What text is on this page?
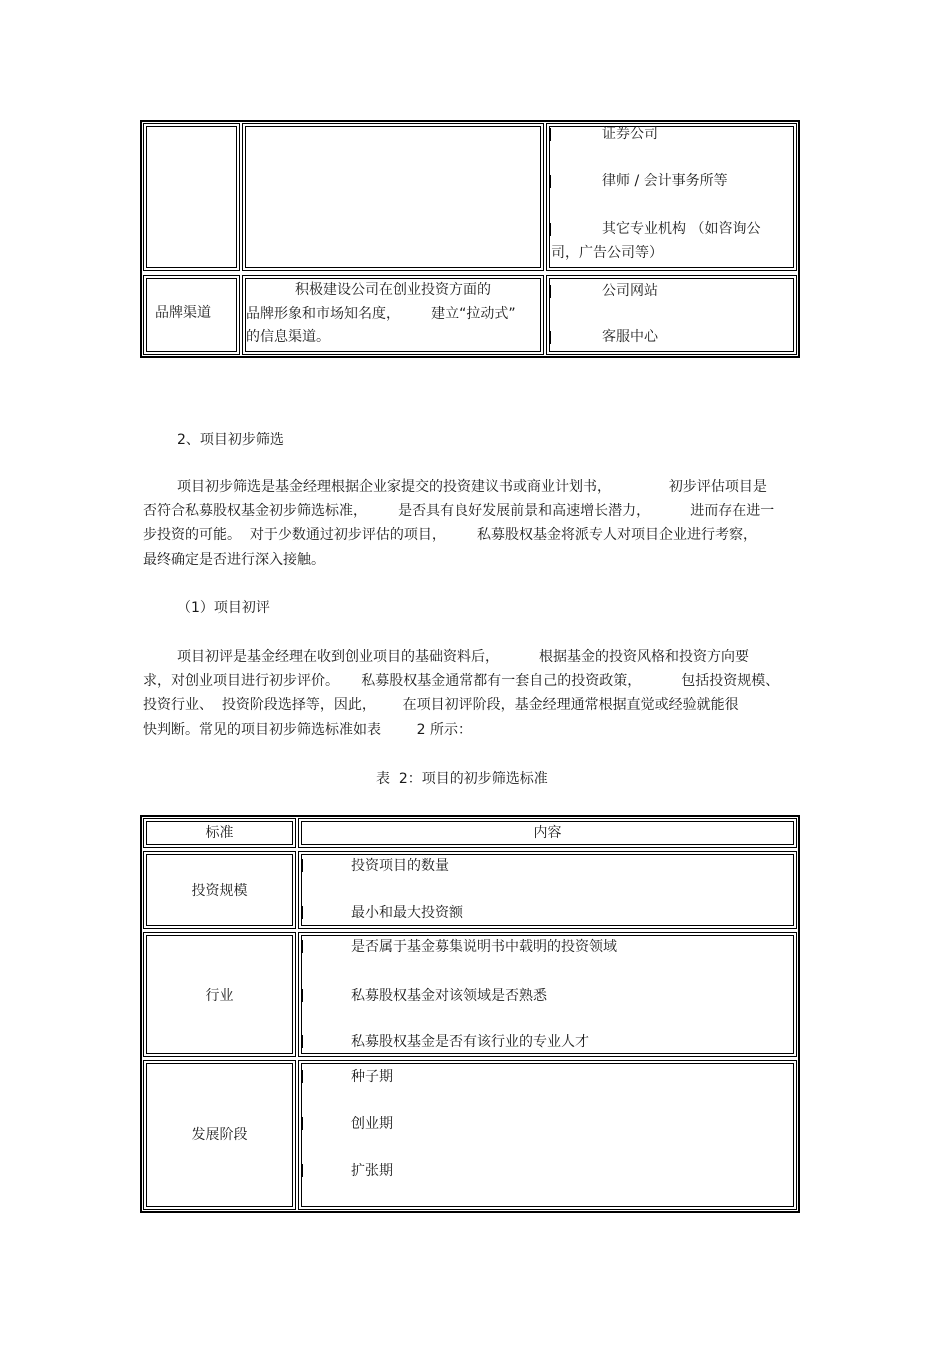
证券公司
律师 / 会计事务所等
其它专业机构 （如咨询公
司，广告公司等）
品牌渠道
积极建设公司在创业投资方面的
品牌形象和市场知名度，       建立“拉动式”
的信息渠道。
公司网站
客服中心
2、项目初步筛选
项目初步筛选是基金经理根据企业家提交的投资建议书或商业计划书，             初步评估项目是
否符合私募股权基金初步筛选标准，       是否具有良好发展前景和高速增长潜力，         进而存在进一
步投资的可能。  对于少数通过初步评估的项目，       私募股权基金将派专人对项目企业进行考察，
最终确定是否进行深入接触。
（1）项目初评
项目初评是基金经理在收到创业项目的基础资料后，         根据基金的投资风格和投资方向要
求，对创业项目进行初步评价。     私募股权基金通常都有一套自己的投资政策，         包括投资规模、
投资行业、  投资阶段选择等，因此，      在项目初评阶段，基金经理通常根据直觉或经验就能很
快判断。常见的项目初步筛选标准如表        2 所示：
表  2：项目的初步筛选标准
标准	内容
投资规模
投资项目的数量
最小和最大投资额
行业
是否属于基金募集说明书中载明的投资领域
私募股权基金对该领域是否熟悉
私募股权基金是否有该行业的专业人才
发展阶段
种子期
创业期
扩张期
